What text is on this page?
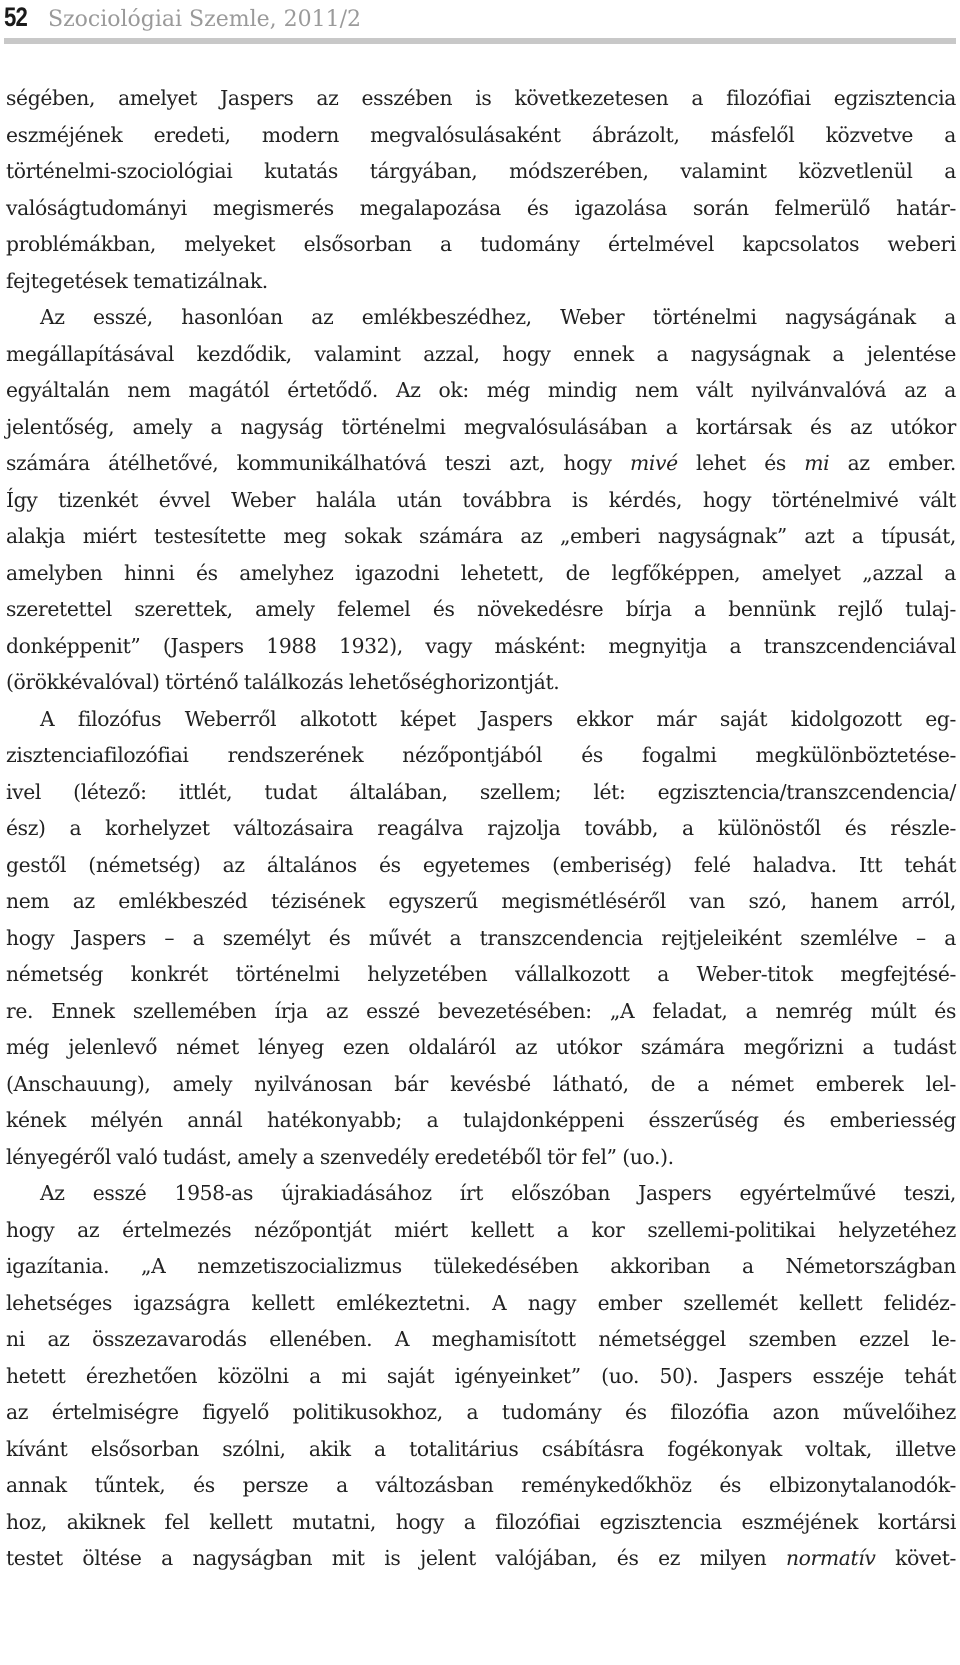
52 Szociológiai Szemle, 2011/2
ségében, amelyet Jaspers az esszében is következetesen a filozófiai egzisztencia
eszméjének eredeti, modern megvalósulásaként ábrázolt, másfelől közvetve a
történelmi-szociológiai kutatás tárgyában, módszerében, valamint közvetlenül a
valóságtudományi megismerés megalapozása és igazolása során felmerülő határ-
problémákban, melyeket elsősorban a tudomány értelmével kapcsolatos weberi
fejtegetések tematizálnak.
Az esszé, hasonlóan az emlékbeszédhez, Weber történelmi nagyságának a
megállapításával kezdődik, valamint azzal, hogy ennek a nagyságnak a jelentése
egyáltalán nem magától értetődő. Az ok: még mindig nem vált nyilvánvalóvá az a
jelentőség, amely a nagyság történelmi megvalósulásában a kortársak és az utókor
számára átélhetővé, kommunikálhatóvá teszi azt, hogy mivé lehet és mi az ember.
Így tizenkét évvel Weber halála után továbbra is kérdés, hogy történelmivé vált
alakja miért testesítette meg sokak számára az „emberi nagyságnak” azt a típusát,
amelyben hinni és amelyhez igazodni lehetett, de legfőképpen, amelyet „azzal a
szeretettel szerettek, amely felemel és növekedésre bírja a bennünk rejlő tulaj-
donképpenit” (Jaspers 1988 1932), vagy másként: megnyitja a transzcendenciával
(örökkévalóval) történő találkozás lehetőséghorizontját.
A filozófus Weberről alkotott képet Jaspers ekkor már saját kidolgozott eg-
zisztenciafilozófiai rendszerének nézőpontjából és fogalmi megkülönböztetése-
ivel (létező: ittlét, tudat általában, szellem; lét: egzisztencia/transzcendencia/
ész) a korhelyzet változásaira reagálva rajzolja tovább, a különöstől és részle-
gestől (németség) az általános és egyetemes (emberiség) felé haladva. Itt tehát
nem az emlékbeszéd tézisének egyszerű megismétléséről van szó, hanem arról,
hogy Jaspers – a személyt és művét a transzcendencia rejtjeleiként szemlélve – a
németség konkrét történelmi helyzetében vállalkozott a Weber-titok megfejtésé-
re. Ennek szellemében írja az esszé bevezetésében: „A feladat, a nemrég múlt és
még jelenlevő német lényeg ezen oldaláról az utókor számára megőrizni a tudást
(Anschauung), amely nyilvánosan bár kevésbé látható, de a német emberek lel-
kének mélyén annál hatékonyabb; a tulajdonképpeni ésszerűség és emberiesség
lényegéről való tudást, amely a szenvedély eredetéből tör fel” (uo.).
Az esszé 1958-as újrakiadásához írt előszóban Jaspers egyértelművé teszi,
hogy az értelmezés nézőpontját miért kellett a kor szellemi-politikai helyzetéhez
igazítania. „A nemzetiszocializmus tülekedésében akkoriban a Németországban
lehetséges igazságra kellett emlékeztetni. A nagy ember szellemét kellett felidéz-
ni az összezavarodás ellenében. A meghamisított németséggel szemben ezzel le-
hetett érezhetően közölni a mi saját igényeinket” (uo. 50). Jaspers esszéje tehát
az értelmiségre figyelő politikusokhoz, a tudomány és filozófia azon művelőihez
kívánt elsősorban szólni, akik a totalitárius csábításra fogékonyak voltak, illetve
annak tűntek, és persze a változásban reménykedőkhöz és elbizonytalanodók-
hoz, akiknek fel kellett mutatni, hogy a filozófiai egzisztencia eszméjének kortársi
testet öltése a nagyságban mit is jelent valójában, és ez milyen normatív követ-
